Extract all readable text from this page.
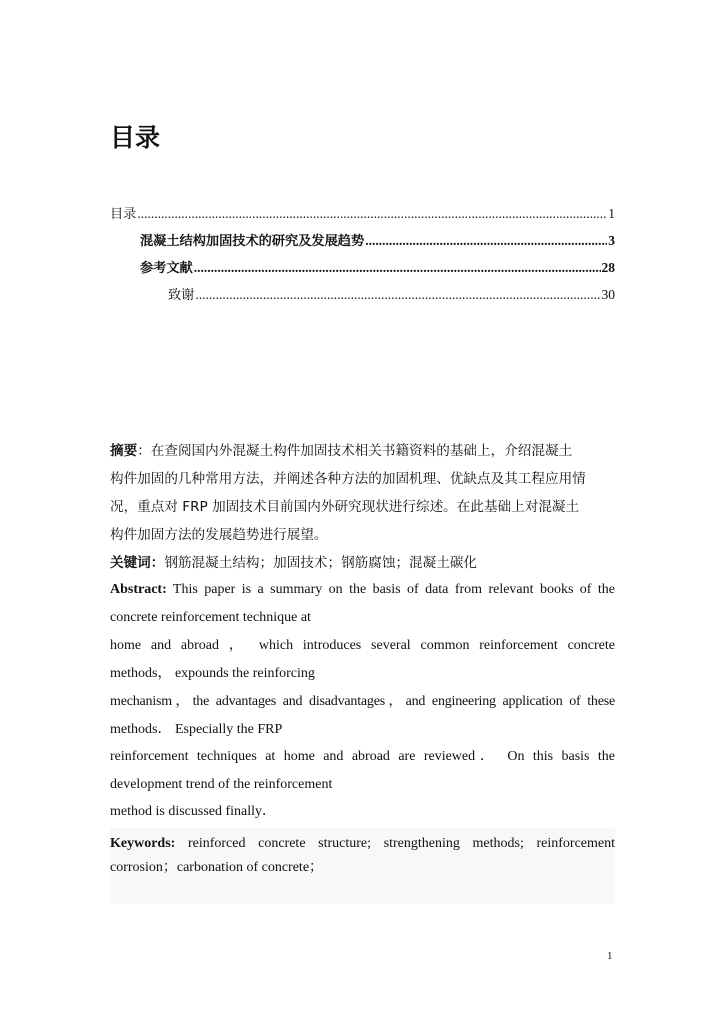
目录
目录 .....	1
混凝土结构加固技术的研究及发展趋势 .....	3
参考文献 .....	28
致谢 .....	30
摘要：在查阅国内外混凝土构件加固技术相关书籍资料的基础上，介绍混凝土
构件加固的几种常用方法，并阐述各种方法的加固机理、优缺点及其工程应用情
况，重点对 FRP 加固技术目前国内外研究现状进行综述。在此基础上对混凝土
构件加固方法的发展趋势进行展望。
关键词：钢筋混凝土结构；加固技术；钢筋腐蚀；混凝土碳化
Abstract: This paper is a summary on the basis of data from relevant books of the
concrete reinforcement technique at
home and abroad ， which introduces several common reinforcement concrete
methods， expounds the reinforcing
mechanism，the advantages and disadvantages，and engineering application of these
methods． Especially the FRP
reinforcement techniques at home and abroad are reviewed． On this basis the
development trend of the reinforcement
method is discussed finally．
Keywords: reinforced concrete structure; strengthening methods; reinforcement
corrosion；carbonation of concrete；
1
